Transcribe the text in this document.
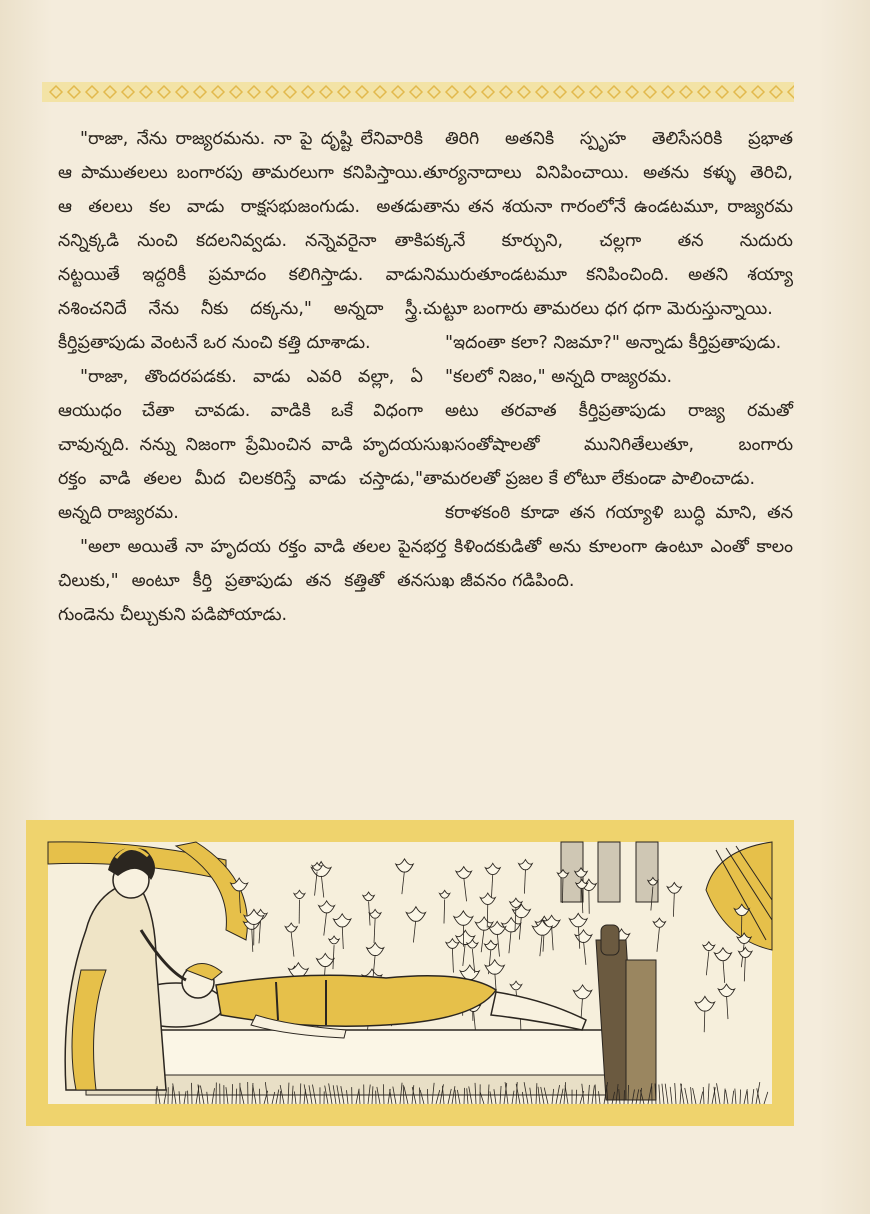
"రాజా, నేను రాజ్యరమను. నా పై దృష్టి లేనివారికి ఆ పాముతలలు బంగారపు తామరలుగా కనిపిస్తాయి. ఆ తలలు కల వాడు రాక్షసభుజంగుడు. అతడు నన్నిక్కడి నుంచి కదలనివ్వడు. నన్నెవరైనా తాకి నట్టయితే ఇద్దరికీ ప్రమాదం కలిగిస్తాడు. వాడు నశించనిదే నేను నీకు దక్కను," అన్నదా స్త్రీ. కీర్తిప్రతాపుడు వెంటనే ఒర నుంచి కత్తి దూశాడు.

"రాజా, తొందరపడకు. వాడు ఎవరి వల్లా, ఏ ఆయుధం చేతా చావడు. వాడికి ఒకే విధంగా చావున్నది. నన్ను నిజంగా ప్రేమించిన వాడి హృదయ రక్తం వాడి తలల మీద చిలకరిస్తే వాడు చస్తాడు," అన్నది రాజ్యరమ.

"అలా అయితే నా హృదయ రక్తం వాడి తలల పైన చిలుకు," అంటూ కీర్తి ప్రతాపుడు తన కత్తితో తన గుండెను చీల్చుకుని పడిపోయాడు.

తిరిగి అతనికి స్పృహ తెలిసేసరికి ప్రభాత తూర్యనాదాలు వినిపించాయి. అతను కళ్ళు తెరిచి, తాను తన శయనా గారంలోనే ఉండటమూ, రాజ్యరమ పక్కనే కూర్చుని, చల్లగా తన నుదురు నిమురుతూండటమూ కనిపించింది. అతని శయ్యా చుట్టూ బంగారు తామరలు ధగ ధగా మెరుస్తున్నాయి.

"ఇదంతా కలా? నిజమా?" అన్నాడు కీర్తిప్రతాపుడు.

"కలలో నిజం," అన్నది రాజ్యరమ.

అటు తరవాత కీర్తిప్రతాపుడు రాజ్య రమతో సుఖసంతోషాలతో మునిగితేలుతూ, బంగారు తామరలతో ప్రజల కే లోటూ లేకుండా పాలించాడు.

కరాళకంఠి కూడా తన గయ్యాళి బుద్ధి మాని, తన భర్త కిళిందకుడితో అను కూలంగా ఉంటూ ఎంతో కాలం సుఖ జీవనం గడిపింది.
